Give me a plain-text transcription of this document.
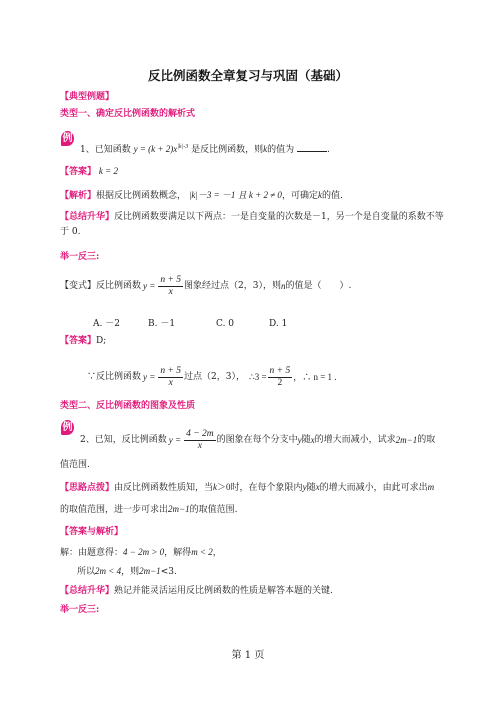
反比例函数全章复习与巩固（基础）
【典型例题】
类型一、确定反比例函数的解析式
例
1、已知函数 $y = (k + 2)x^{|k|-3}$ 是反比例函数，则k的值为	.
【答案】 k = 2
【解析】根据反比例函数概念， |k|－3 = －1 且 k + 2 ≠ 0，可确定k的值.
【总结升华】反比例函数要满足以下两点：一是自变量的次数是－1，另一个是自变量的系数不等
于 0.
举一反三:
【变式】反比例函数 $y = \frac{n + 5}{x}$ 图象经过点（2，3），则 n 的值是（　　）.
A. －2	B. －1	C. 0	D. 1
【答案】D;
∵反比例函数 $y = \frac{n + 5}{x}$ 过点（2，3）， ∴3 = $\frac{n + 5}{2}$ ，∴ n = 1 .
类型二、反比例函数的图象及性质
例
2、已知，反比例函数 $y = \frac{4 - 2m}{x}$ 的图象在每个分支中 y 随 x 的增大而减小，试求 2m−1 的取
值范围.
【思路点拨】由反比例函数性质知，当k＞0时，在每个象限内y随x的增大而减小，由此可求出m
的取值范围，进一步可求出2m−1的取值范围.
【答案与解析】
解：由题意得：4 − 2m > 0，解得m < 2，
所以2m < 4，则2m−1<3.
【总结升华】熟记并能灵活运用反比例函数的性质是解答本题的关键.
举一反三:
第 1 页
